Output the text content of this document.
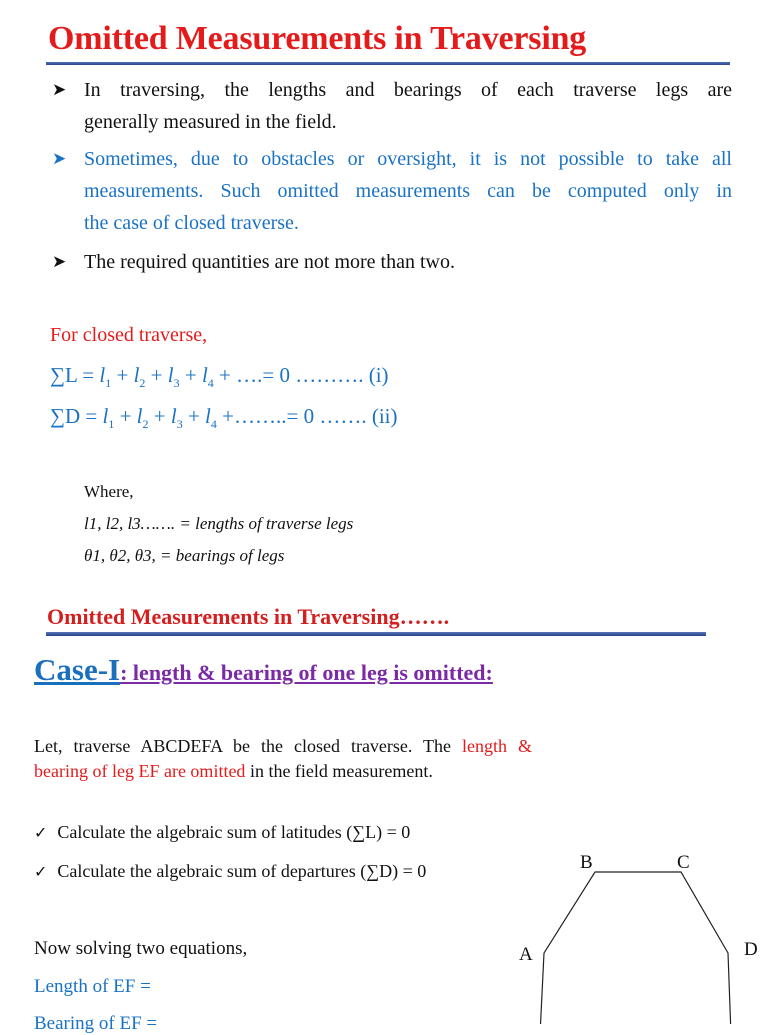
Omitted Measurements in Traversing
➤ In traversing, the lengths and bearings of each traverse legs are
generally measured in the field.
➤ Sometimes, due to obstacles or oversight, it is not possible to take all
measurements. Such omitted measurements can be computed only in
the case of closed traverse.
➤ The required quantities are not more than two.
For closed traverse,
$\sum L = l_1 + l_2 + l_3 + l_4$ + ….= 0 ………. (i)
$\sum D = l_1 + l_2 + l_3 + l_4$ +……..= 0 ……. (ii)
Where,
l1, l2, l3……. = lengths of traverse legs
θ1, θ2, θ3, = bearings of legs
Omitted Measurements in Traversing…….
Case-I: length & bearing of one leg is omitted:
Let, traverse ABCDEFA be the closed traverse. The length & bearing of leg EF are omitted in the field measurement.
✓ Calculate the algebraic sum of latitudes (∑L) = 0
✓ Calculate the algebraic sum of departures (∑D) = 0
Now solving two equations,
Length of EF =
Bearing of EF =
B	C
A	D
